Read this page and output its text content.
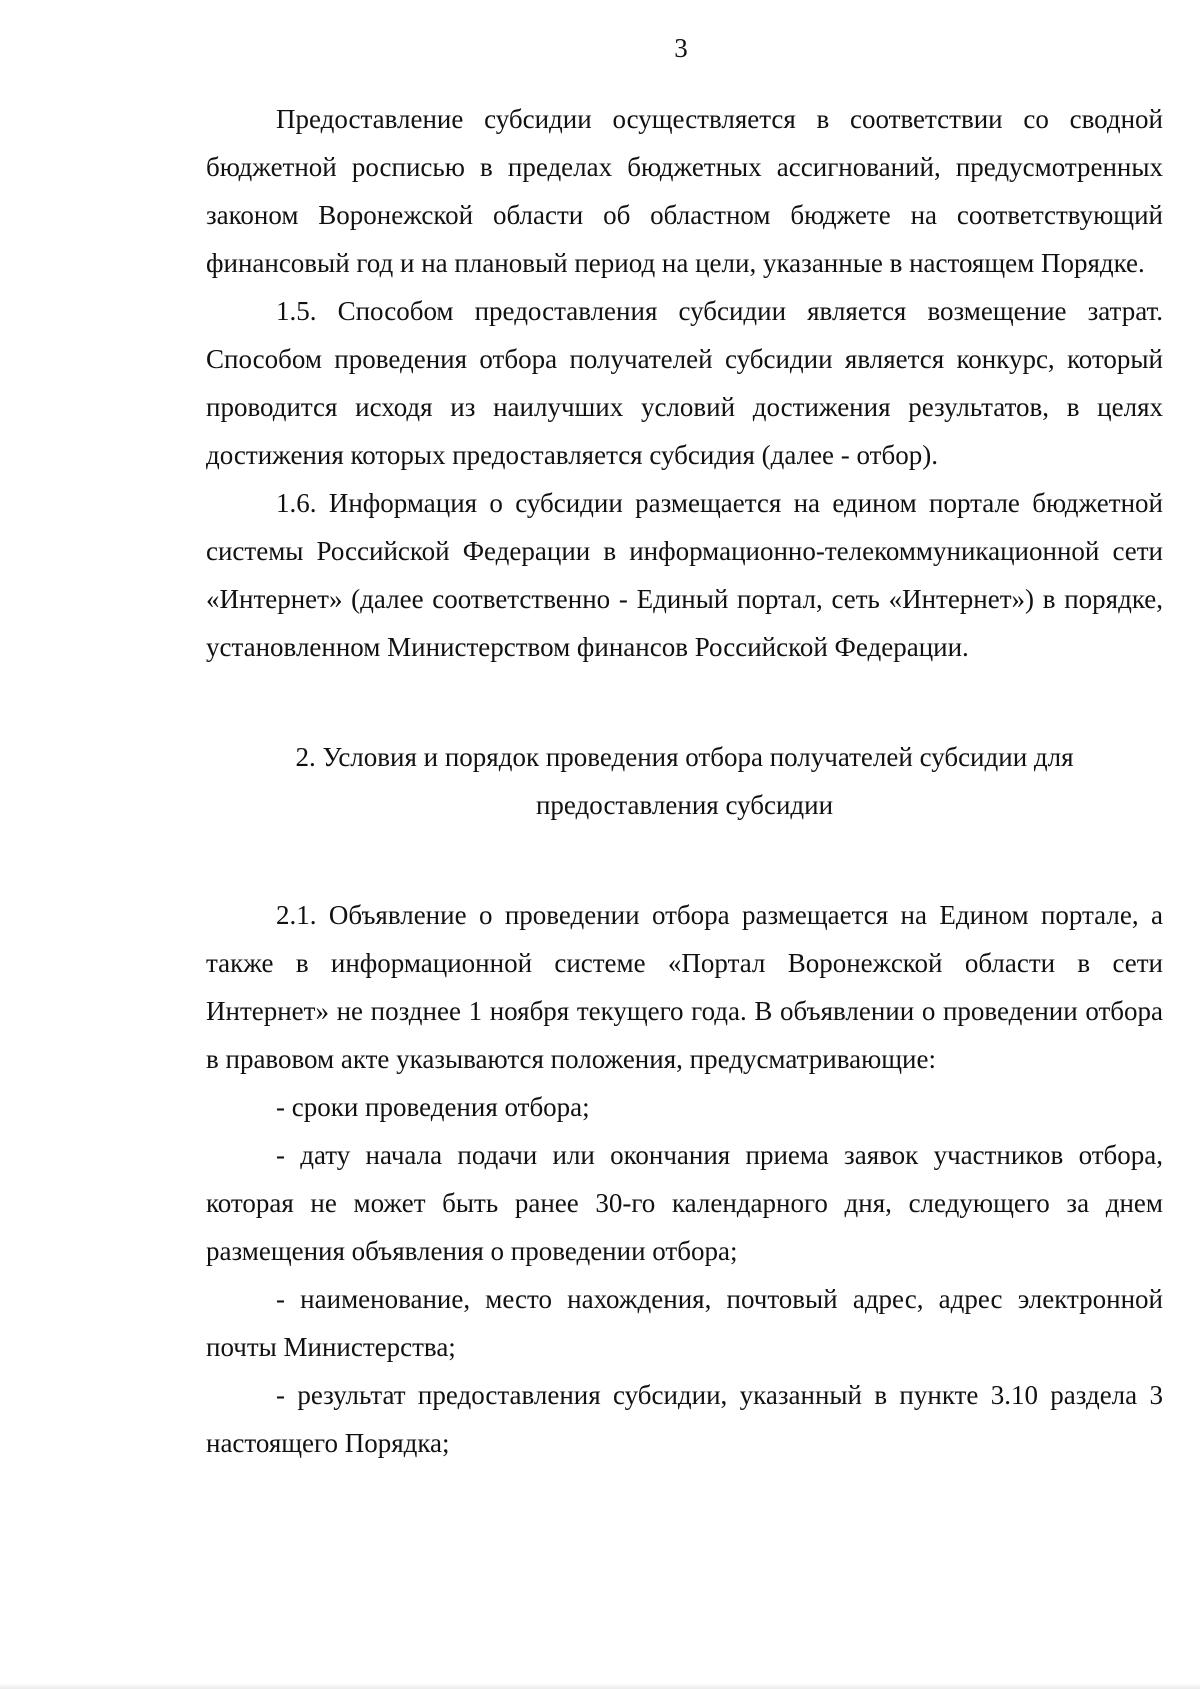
3

Предоставление субсидии осуществляется в соответствии со сводной бюджетной росписью в пределах бюджетных ассигнований, предусмотренных законом Воронежской области об областном бюджете на соответствующий финансовый год и на плановый период на цели, указанные в настоящем Порядке.

1.5. Способом предоставления субсидии является возмещение затрат. Способом проведения отбора получателей субсидии является конкурс, который проводится исходя из наилучших условий достижения результатов, в целях достижения которых предоставляется субсидия (далее - отбор).

1.6. Информация о субсидии размещается на едином портале бюджетной системы Российской Федерации в информационно-телекоммуникационной сети «Интернет» (далее соответственно - Единый портал, сеть «Интернет») в порядке, установленном Министерством финансов Российской Федерации.

2. Условия и порядок проведения отбора получателей субсидии для предоставления субсидии

2.1. Объявление о проведении отбора размещается на Едином портале, а также в информационной системе «Портал Воронежской области в сети Интернет» не позднее 1 ноября текущего года. В объявлении о проведении отбора в правовом акте указываются положения, предусматривающие:

- сроки проведения отбора;

- дату начала подачи или окончания приема заявок участников отбора, которая не может быть ранее 30-го календарного дня, следующего за днем размещения объявления о проведении отбора;

- наименование, место нахождения, почтовый адрес, адрес электронной почты Министерства;

- результат предоставления субсидии, указанный в пункте 3.10 раздела 3 настоящего Порядка;
